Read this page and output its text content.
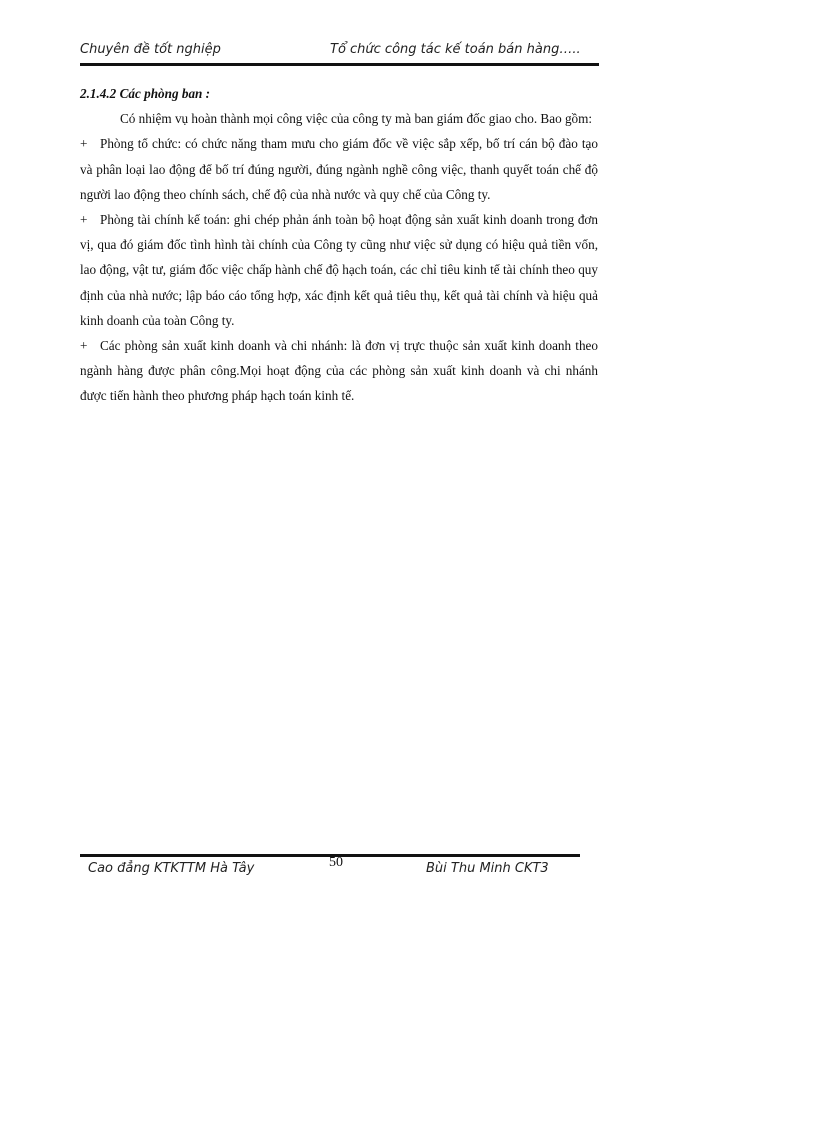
Chuyên đề tốt nghiệp	Tổ chức công tác kế toán bán hàng…..

2.1.4.2 Các phòng ban :

Có nhiệm vụ hoàn thành mọi công việc của công ty mà ban giám đốc giao cho. Bao gồm:

+ Phòng tổ chức: có chức năng tham mưu cho giám đốc về việc sắp xếp, bố trí cán bộ đào tạo và phân loại lao động để bố trí đúng người, đúng ngành nghề công việc, thanh quyết toán chế độ người lao động theo chính sách, chế độ của nhà nước và quy chế của Công ty.

+ Phòng tài chính kế toán: ghi chép phản ánh toàn bộ hoạt động sản xuất kinh doanh trong đơn vị, qua đó giám đốc tình hình tài chính của Công ty cũng như việc sử dụng có hiệu quả tiền vốn, lao động, vật tư, giám đốc việc chấp hành chế độ hạch toán, các chỉ tiêu kinh tế tài chính theo quy định của nhà nước; lập báo cáo tổng hợp, xác định kết quả tiêu thụ, kết quả tài chính và hiệu quả kinh doanh của toàn Công ty.

+ Các phòng sản xuất kinh doanh và chi nhánh: là đơn vị trực thuộc sản xuất kinh doanh theo ngành hàng được phân công.Mọi hoạt động của các phòng sản xuất kinh doanh và chi nhánh được tiến hành theo phương pháp hạch toán kinh tế.

Cao đẳng KTKTTM Hà Tây	50	Bùi Thu Minh CKT3
